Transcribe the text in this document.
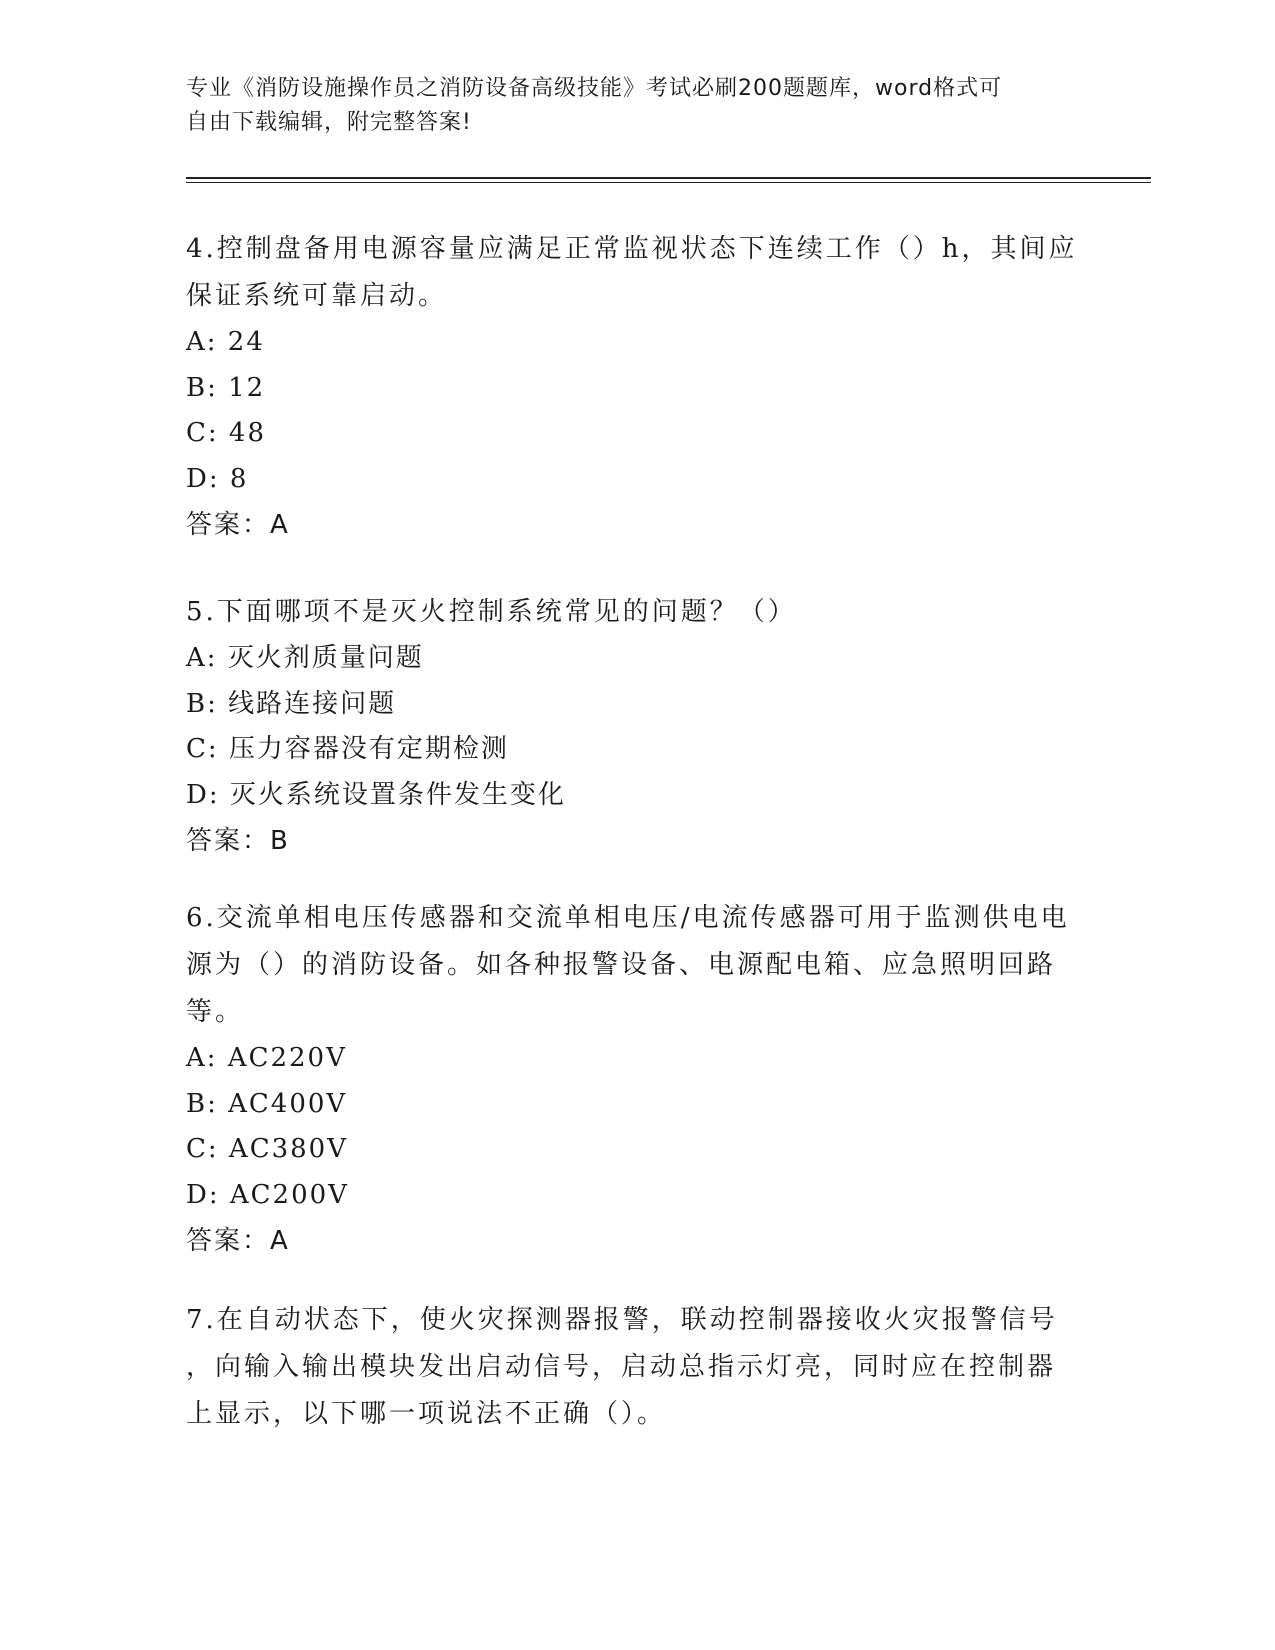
专业《消防设施操作员之消防设备高级技能》考试必刷200题题库，word格式可
自由下载编辑，附完整答案!

4.控制盘备用电源容量应满足正常监视状态下连续工作（）h，其间应

保证系统可靠启动。

A: 24

B: 12

C: 48

D: 8

答案：A

5.下面哪项不是灭火控制系统常见的问题？（）

A: 灭火剂质量问题

B: 线路连接问题

C: 压力容器没有定期检测

D: 灭火系统设置条件发生变化

答案：B

6.交流单相电压传感器和交流单相电压/电流传感器可用于监测供电电

源为（）的消防设备。如各种报警设备、电源配电箱、应急照明回路

等。

A: AC220V

B: AC400V

C: AC380V

D: AC200V

答案：A

7.在自动状态下，使火灾探测器报警，联动控制器接收火灾报警信号

，向输入输出模块发出启动信号，启动总指示灯亮，同时应在控制器

上显示，以下哪一项说法不正确（）。
